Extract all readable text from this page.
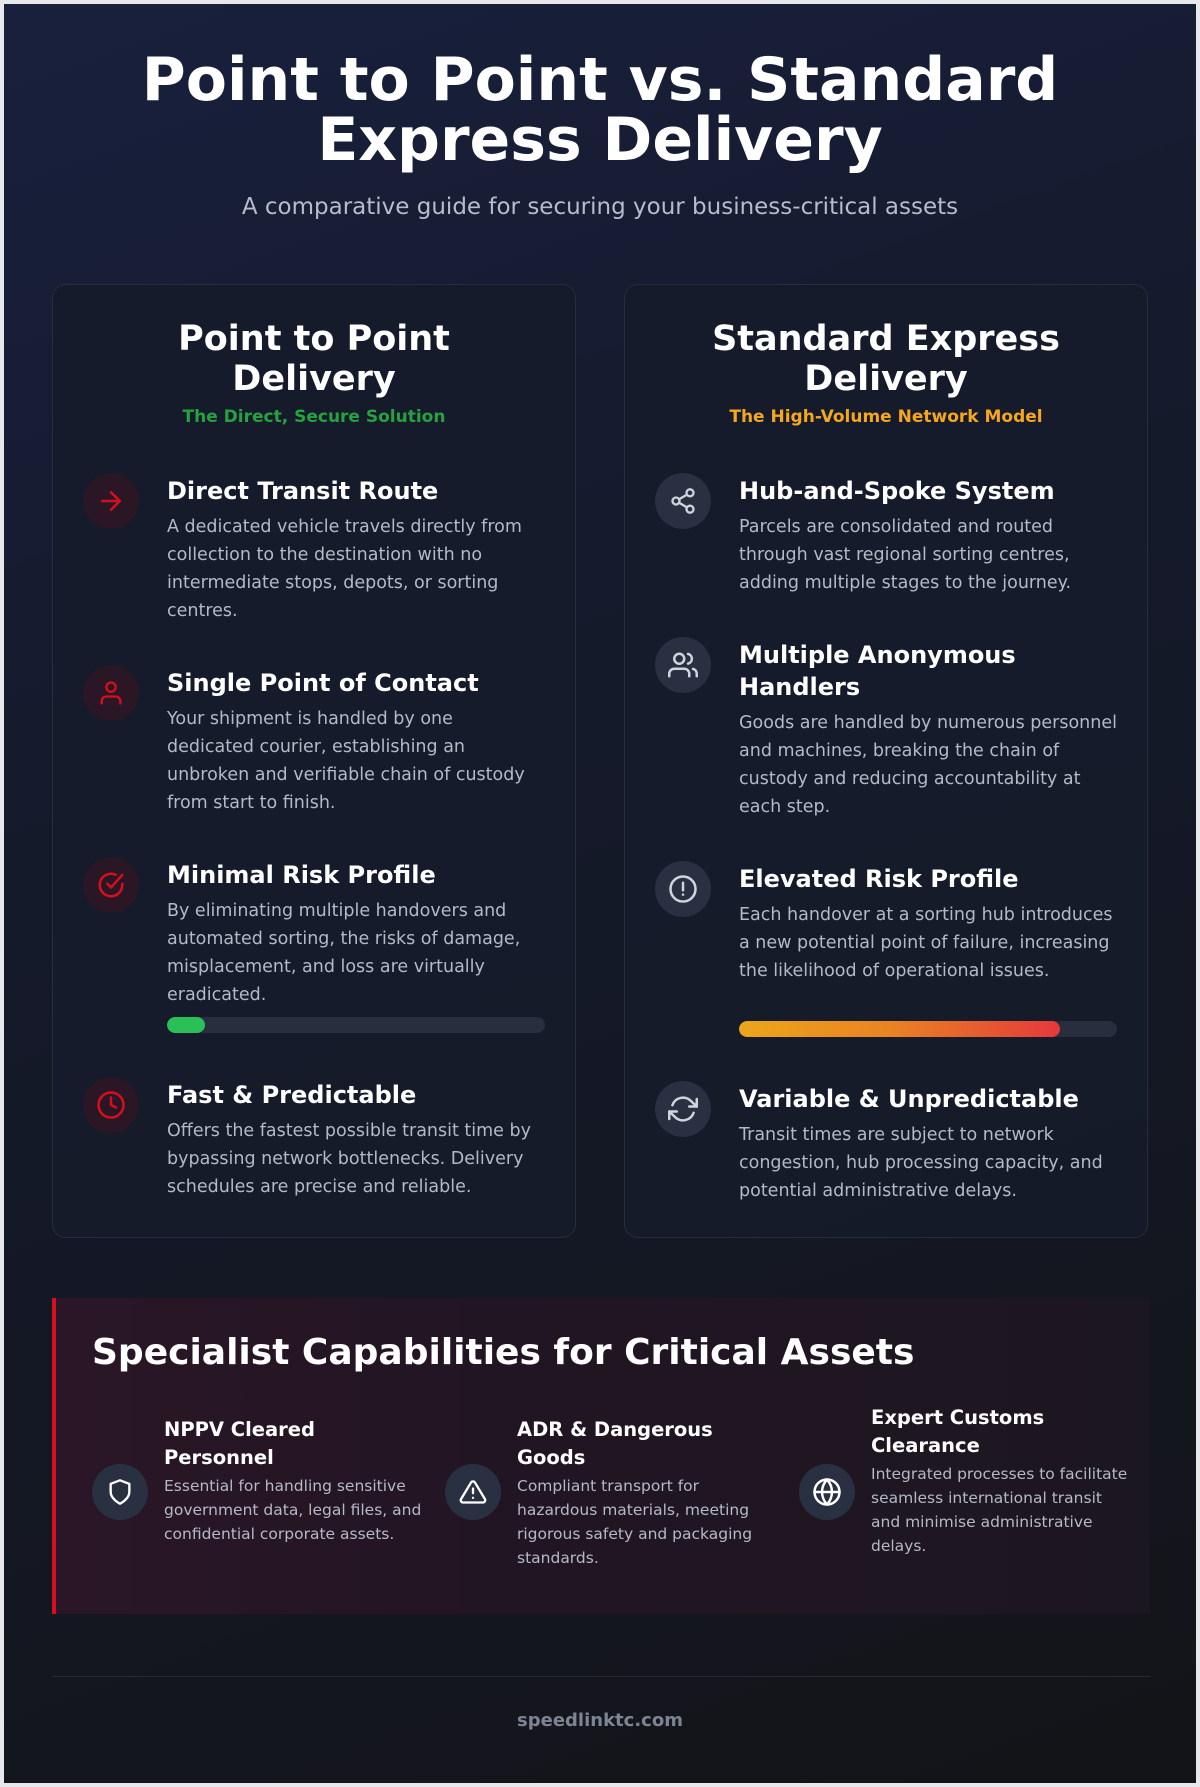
Point to Point vs. Standard
Express Delivery
A comparative guide for securing your business-critical assets
Point to Point
Delivery
The Direct, Secure Solution
Direct Transit Route
A dedicated vehicle travels directly from collection to the destination with no intermediate stops, depots, or sorting centres.
Single Point of Contact
Your shipment is handled by one dedicated courier, establishing an unbroken and verifiable chain of custody from start to finish.
Minimal Risk Profile
By eliminating multiple handovers and automated sorting, the risks of damage, misplacement, and loss are virtually eradicated.
Fast & Predictable
Offers the fastest possible transit time by bypassing network bottlenecks. Delivery schedules are precise and reliable.
Standard Express
Delivery
The High-Volume Network Model
Hub-and-Spoke System
Parcels are consolidated and routed through vast regional sorting centres, adding multiple stages to the journey.
Multiple Anonymous
Handlers
Goods are handled by numerous personnel and machines, breaking the chain of custody and reducing accountability at each step.
Elevated Risk Profile
Each handover at a sorting hub introduces a new potential point of failure, increasing the likelihood of operational issues.
Variable & Unpredictable
Transit times are subject to network congestion, hub processing capacity, and potential administrative delays.
Specialist Capabilities for Critical Assets
NPPV Cleared
Personnel
Essential for handling sensitive government data, legal files, and confidential corporate assets.
ADR & Dangerous
Goods
Compliant transport for hazardous materials, meeting rigorous safety and packaging standards.
Expert Customs
Clearance
Integrated processes to facilitate seamless international transit and minimise administrative delays.
speedlinktc.com
